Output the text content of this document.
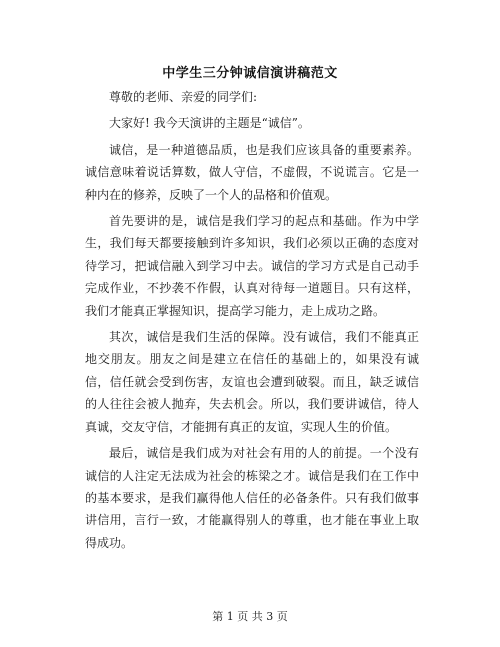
中学生三分钟诚信演讲稿范文

尊敬的老师、亲爱的同学们:

大家好! 我今天演讲的主题是“诚信”。

诚信，是一种道德品质，也是我们应该具备的重要素养。诚信意味着说话算数，做人守信，不虚假，不说谎言。它是一种内在的修养，反映了一个人的品格和价值观。

首先要讲的是，诚信是我们学习的起点和基础。作为中学生，我们每天都要接触到许多知识，我们必须以正确的态度对待学习，把诚信融入到学习中去。诚信的学习方式是自己动手完成作业，不抄袭不作假，认真对待每一道题目。只有这样，我们才能真正掌握知识，提高学习能力，走上成功之路。

其次，诚信是我们生活的保障。没有诚信，我们不能真正地交朋友。朋友之间是建立在信任的基础上的，如果没有诚信，信任就会受到伤害，友谊也会遭到破裂。而且，缺乏诚信的人往往会被人抛弃，失去机会。所以，我们要讲诚信，待人真诚，交友守信，才能拥有真正的友谊，实现人生的价值。

最后，诚信是我们成为对社会有用的人的前提。一个没有诚信的人注定无法成为社会的栋梁之才。诚信是我们在工作中的基本要求，是我们赢得他人信任的必备条件。只有我们做事讲信用，言行一致，才能赢得别人的尊重，也才能在事业上取得成功。

第 1 页 共 3 页
